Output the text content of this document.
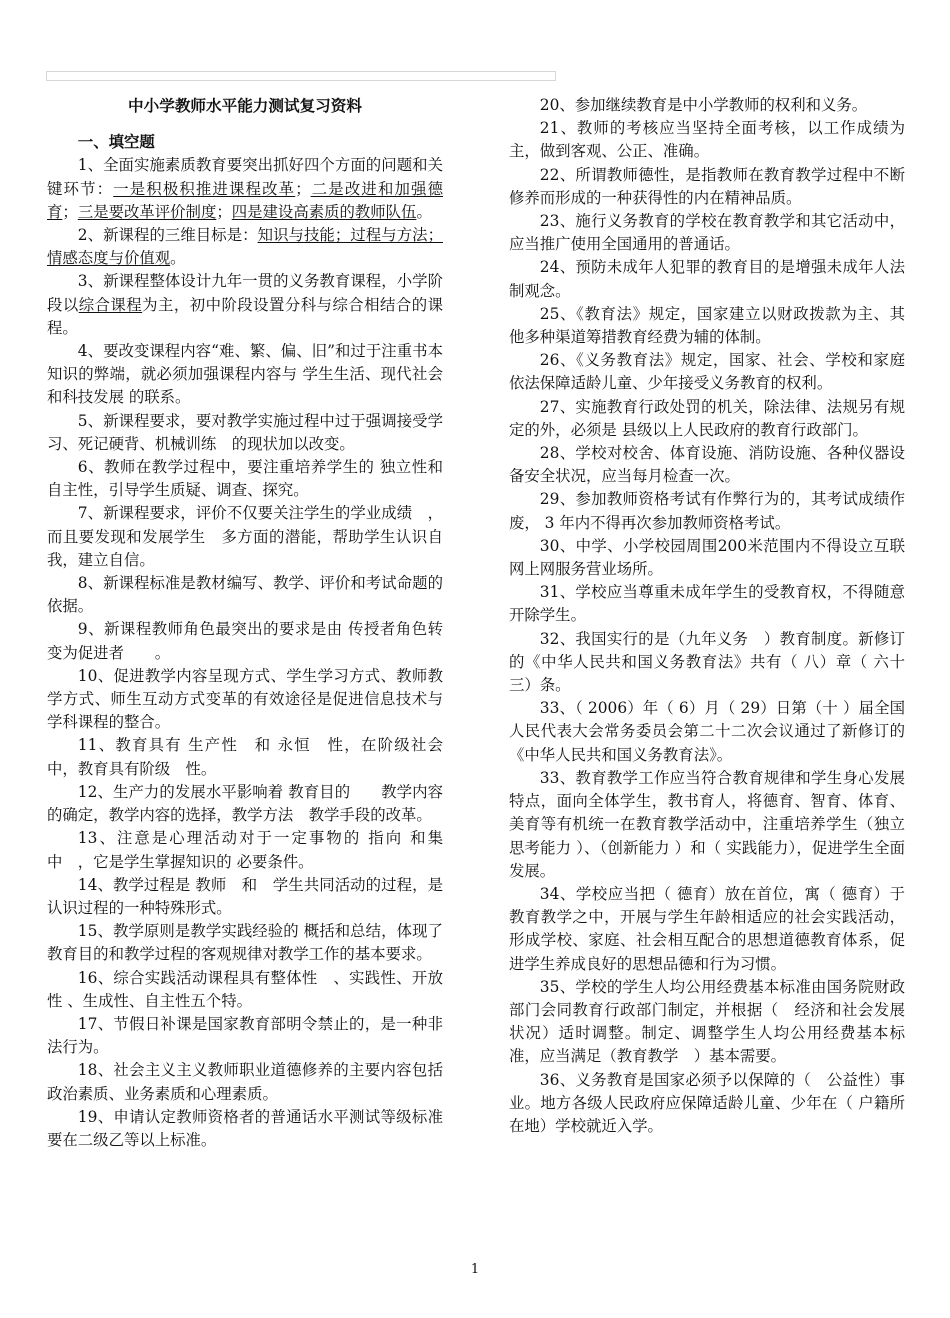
中小学教师水平能力测试复习资料

一、填空题

1、全面实施素质教育要突出抓好四个方面的问题和关键环节：一是积极积推进课程改革；二是改进和加强德育；三是要改革评价制度；四是建设高素质的教师队伍。

2、新课程的三维目标是：知识与技能；过程与方法；情感态度与价值观。

3、新课程整体设计九年一贯的义务教育课程，小学阶段以综合课程为主，初中阶段设置分科与综合相结合的课程。

4、要改变课程内容“难、繁、偏、旧”和过于注重书本知识的弊端，就必须加强课程内容与 学生生活、现代社会和科技发展 的联系。

5、新课程要求，要对教学实施过程中过于强调接受学习、死记硬背、机械训练　的现状加以改变。

6、教师在教学过程中，要注重培养学生的 独立性和自主性，引导学生质疑、调查、探究。

7、新课程要求，评价不仅要关注学生的学业成绩　，而且要发现和发展学生　多方面的潜能，帮助学生认识自我，建立自信。

8、新课程标准是教材编写、教学、评价和考试命题的依据。

9、新课程教师角色最突出的要求是由 传授者角色转变为促进者　　。

10、促进教学内容呈现方式、学生学习方式、教师教学方式、师生互动方式变革的有效途径是促进信息技术与学科课程的整合。

11、教育具有 生产性　和 永恒　性，在阶级社会中，教育具有阶级　性。

12、生产力的发展水平影响着 教育目的　　教学内容　　的确定，教学内容的选择，教学方法　教学手段的改革。

13、注意是心理活动对于一定事物的 指向 和集中　，它是学生掌握知识的 必要条件。

14、教学过程是 教师　和　学生共同活动的过程，是认识过程的一种特殊形式。

15、教学原则是教学实践经验的 概括和总结，体现了教育目的和教学过程的客观规律对教学工作的基本要求。

16、综合实践活动课程具有整体性　、实践性、开放性 、生成性、自主性五个特。

17、节假日补课是国家教育部明令禁止的，是一种非法行为。

18、社会主义主义教师职业道德修养的主要内容包括政治素质、业务素质和心理素质。

19、申请认定教师资格者的普通话水平测试等级标准要在二级乙等以上标准。

20、参加继续教育是中小学教师的权利和义务。

21、教师的考核应当坚持全面考核，以工作成绩为主，做到客观、公正、准确。

22、所谓教师德性，是指教师在教育教学过程中不断修养而形成的一种获得性的内在精神品质。

23、施行义务教育的学校在教育教学和其它活动中，应当推广使用全国通用的普通话。

24、预防未成年人犯罪的教育目的是增强未成年人法制观念。

25、《教育法》规定，国家建立以财政拨款为主、其他多种渠道筹措教育经费为辅的体制。

26、《义务教育法》规定，国家、社会、学校和家庭依法保障适龄儿童、少年接受义务教育的权利。

27、实施教育行政处罚的机关，除法律、法规另有规定的外，必须是 县级以上人民政府的教育行政部门。

28、学校对校舍、体育设施、消防设施、各种仪器设备安全状况，应当每月检查一次。

29、参加教师资格考试有作弊行为的，其考试成绩作废， 3 年内不得再次参加教师资格考试。

30、中学、小学校园周围200米范围内不得设立互联网上网服务营业场所。

31、学校应当尊重未成年学生的受教育权，不得随意开除学生。

32、我国实行的是（九年义务　）教育制度。新修订的《中华人民共和国义务教育法》共有（ 八）章（ 六十三）条。

33、（ 2006）年（ 6）月（ 29）日第（十 ）届全国人民代表大会常务委员会第二十二次会议通过了新修订的《中华人民共和国义务教育法》。

33、教育教学工作应当符合教育规律和学生身心发展特点，面向全体学生，教书育人，将德育、智育、体育、美育等有机统一在教育教学活动中，注重培养学生（独立思考能力 ）、（创新能力 ）和（ 实践能力），促进学生全面发展。

34、学校应当把（ 德育）放在首位，寓（ 德育）于教育教学之中，开展与学生年龄相适应的社会实践活动，形成学校、家庭、社会相互配合的思想道德教育体系，促进学生养成良好的思想品德和行为习惯。

35、学校的学生人均公用经费基本标准由国务院财政部门会同教育行政部门制定，并根据（　经济和社会发展状况）适时调整。制定、调整学生人均公用经费基本标准，应当满足（教育教学　）基本需要。

36、义务教育是国家必须予以保障的（　公益性）事业。地方各级人民政府应保障适龄儿童、少年在（ 户籍所在地）学校就近入学。

1
